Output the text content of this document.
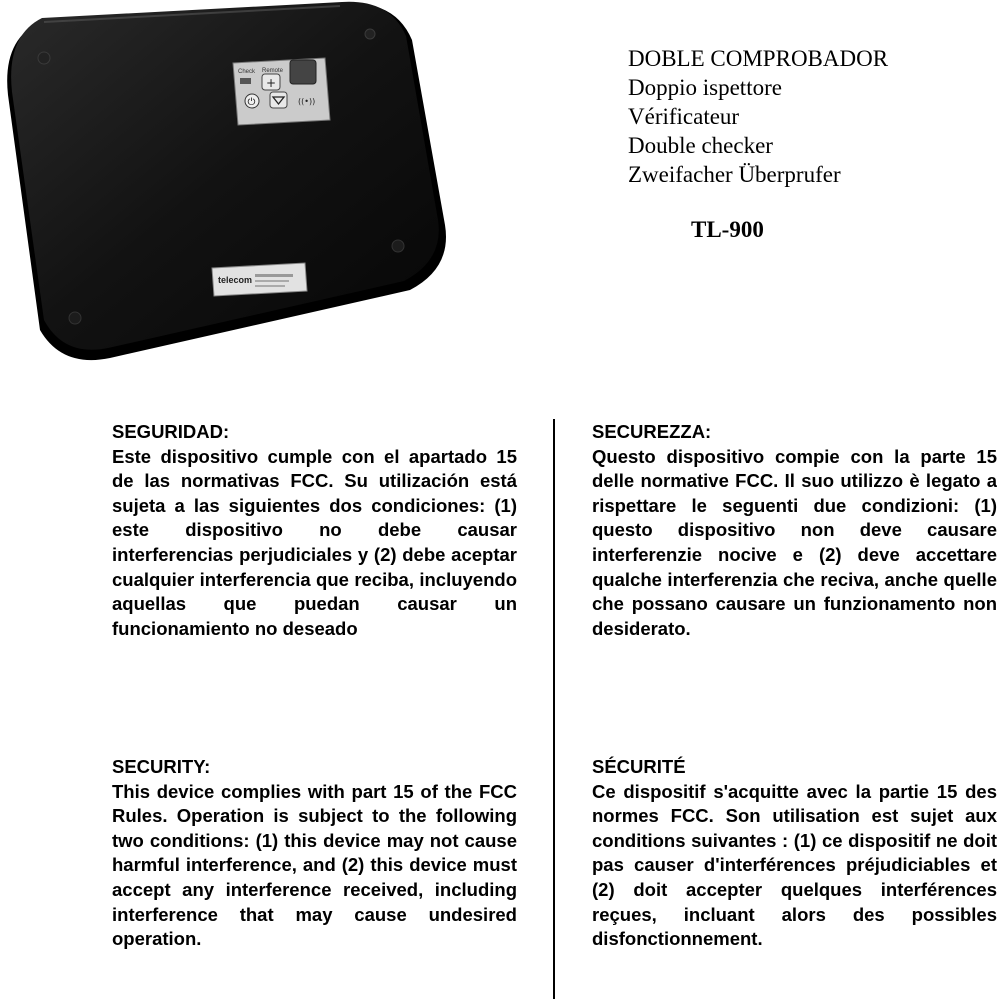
Check Remote
+
⏻	((•))
telecom
DOBLE COMPROBADOR
Doppio ispettore
Vérificateur
Double checker
Zweifacher Überprufer
TL-900
SEGURIDAD:
Este dispositivo cumple con el apartado 15 de las normativas FCC. Su utilización está sujeta a las siguientes dos condiciones: (1) este dispositivo no debe causar interferencias perjudiciales y (2) debe aceptar cualquier interferencia que reciba, incluyendo aquellas que puedan causar un funcionamiento no deseado
SECUREZZA:
Questo dispositivo compie con la parte 15 delle normative FCC. Il suo utilizzo è legato a rispettare le seguenti due condizioni: (1) questo dispositivo non deve causare interferenzie nocive e (2) deve accettare qualche interferenzia che reciva, anche quelle che possano causare un funzionamento non desiderato.
SECURITY:
This device complies with part 15 of the FCC Rules. Operation is subject to the following two conditions: (1) this device may not cause harmful interference, and (2) this device must accept any interference received, including interference that may cause undesired operation.
SÉCURITÉ
Ce dispositif s'acquitte avec la partie 15 des normes FCC. Son utilisation est sujet aux conditions suivantes : (1) ce dispositif ne doit pas causer d'interférences préjudiciables et (2) doit accepter quelques interférences reçues, incluant alors des possibles disfonctionnement.
